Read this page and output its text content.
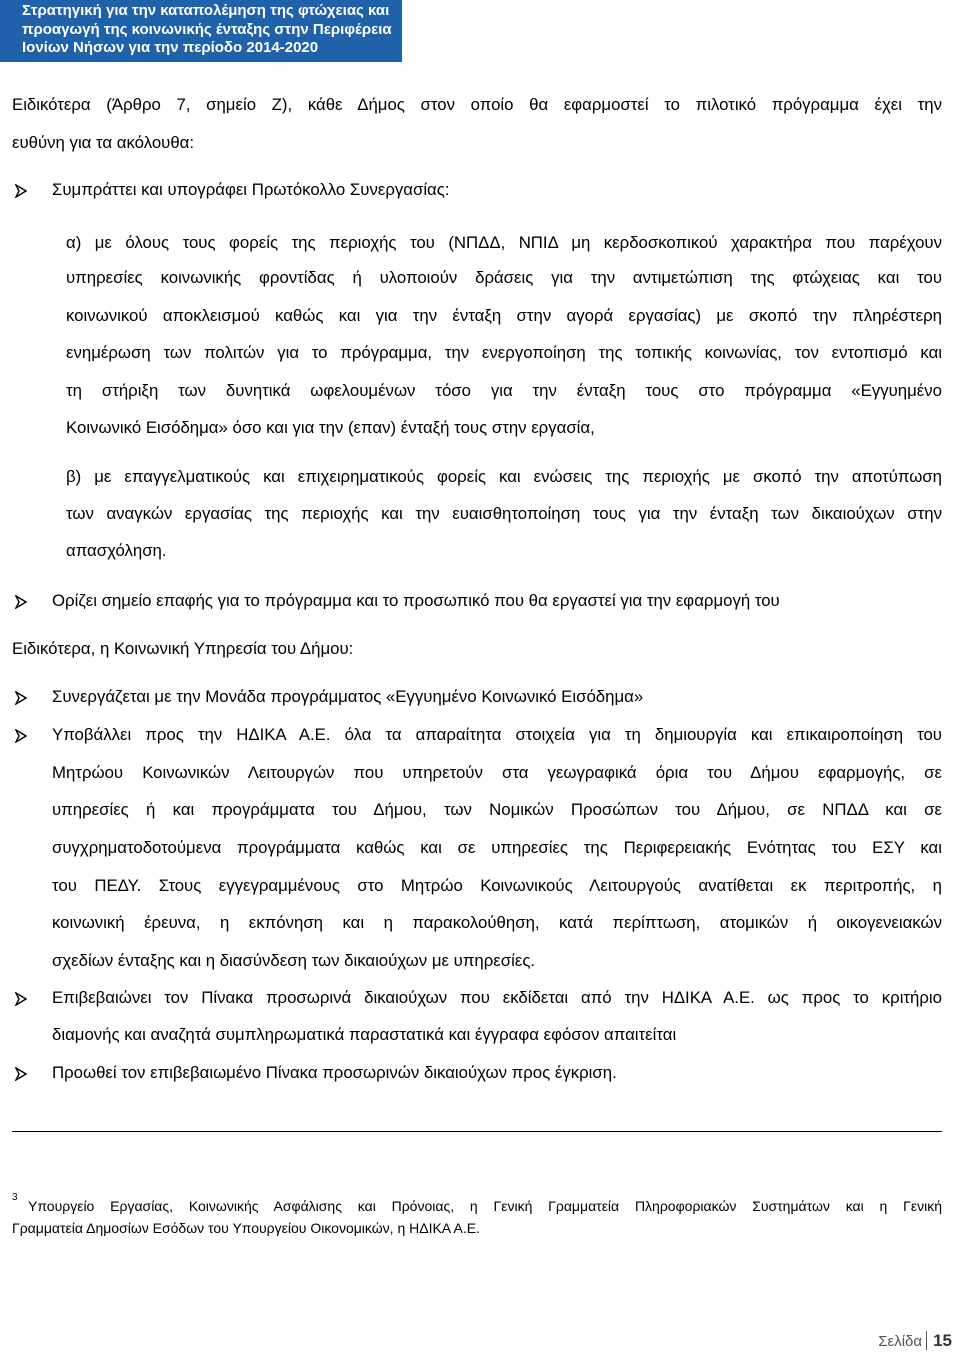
Στρατηγική για την καταπολέμηση της φτώχειας και
προαγωγή της κοινωνικής ένταξης στην Περιφέρεια
Ιονίων Νήσων για την περίοδο 2014-2020
Ειδικότερα (Άρθρο 7, σημείο Ζ), κάθε Δήμος στον οποίο θα εφαρμοστεί το πιλοτικό πρόγραμμα έχει την
ευθύνη για τα ακόλουθα:
Συμπράττει και υπογράφει Πρωτόκολλο Συνεργασίας:
α) με όλους τους φορείς της περιοχής του (ΝΠΔΔ, ΝΠΙΔ μη κερδοσκοπικού χαρακτήρα που παρέχουν
υπηρεσίες κοινωνικής φροντίδας ή υλοποιούν δράσεις για την αντιμετώπιση της φτώχειας και του
κοινωνικού αποκλεισμού καθώς και για την ένταξη στην αγορά εργασίας) με σκοπό την πληρέστερη
ενημέρωση των πολιτών για το πρόγραμμα, την ενεργοποίηση της τοπικής κοινωνίας, τον εντοπισμό και
τη στήριξη των δυνητικά ωφελουμένων τόσο για την ένταξη τους στο πρόγραμμα «Εγγυημένο
Κοινωνικό Εισόδημα» όσο και για την (επαν) ένταξή τους στην εργασία,
β) με επαγγελματικούς και επιχειρηματικούς φορείς και ενώσεις της περιοχής με σκοπό την αποτύπωση
των αναγκών εργασίας της περιοχής και την ευαισθητοποίηση τους για την ένταξη των δικαιούχων στην
απασχόληση.
Ορίζει σημείο επαφής για το πρόγραμμα και το προσωπικό που θα εργαστεί για την εφαρμογή του
Ειδικότερα, η Κοινωνική Υπηρεσία του Δήμου:
Συνεργάζεται με την Μονάδα προγράμματος «Εγγυημένο Κοινωνικό Εισόδημα»
Υποβάλλει προς την ΗΔΙΚΑ Α.Ε. όλα τα απαραίτητα στοιχεία για τη δημιουργία και επικαιροποίηση του
Μητρώου Κοινωνικών Λειτουργών που υπηρετούν στα γεωγραφικά όρια του Δήμου εφαρμογής, σε
υπηρεσίες ή και προγράμματα του Δήμου, των Νομικών Προσώπων του Δήμου, σε ΝΠΔΔ και σε
συγχρηματοδοτούμενα προγράμματα καθώς και σε υπηρεσίες της Περιφερειακής Ενότητας του ΕΣΥ και
του ΠΕΔΥ. Στους εγγεγραμμένους στο Μητρώο Κοινωνικούς Λειτουργούς ανατίθεται εκ περιτροπής, η
κοινωνική έρευνα, η εκπόνηση και η παρακολούθηση, κατά περίπτωση, ατομικών ή οικογενειακών
σχεδίων ένταξης και η διασύνδεση των δικαιούχων με υπηρεσίες.
Επιβεβαιώνει τον Πίνακα προσωρινά δικαιούχων που εκδίδεται από την ΗΔΙΚΑ Α.Ε. ως προς το κριτήριο
διαμονής και αναζητά συμπληρωματικά παραστατικά και έγγραφα εφόσον απαιτείται
Προωθεί τον επιβεβαιωμένο Πίνακα προσωρινών δικαιούχων προς έγκριση.
3
Υπουργείο Εργασίας, Κοινωνικής Ασφάλισης και Πρόνοιας, η Γενική Γραμματεία Πληροφοριακών Συστημάτων και η Γενική
Γραμματεία Δημοσίων Εσόδων του Υπουργείου Οικονομικών, η ΗΔΙΚΑ Α.Ε.
Σελίδα 15
